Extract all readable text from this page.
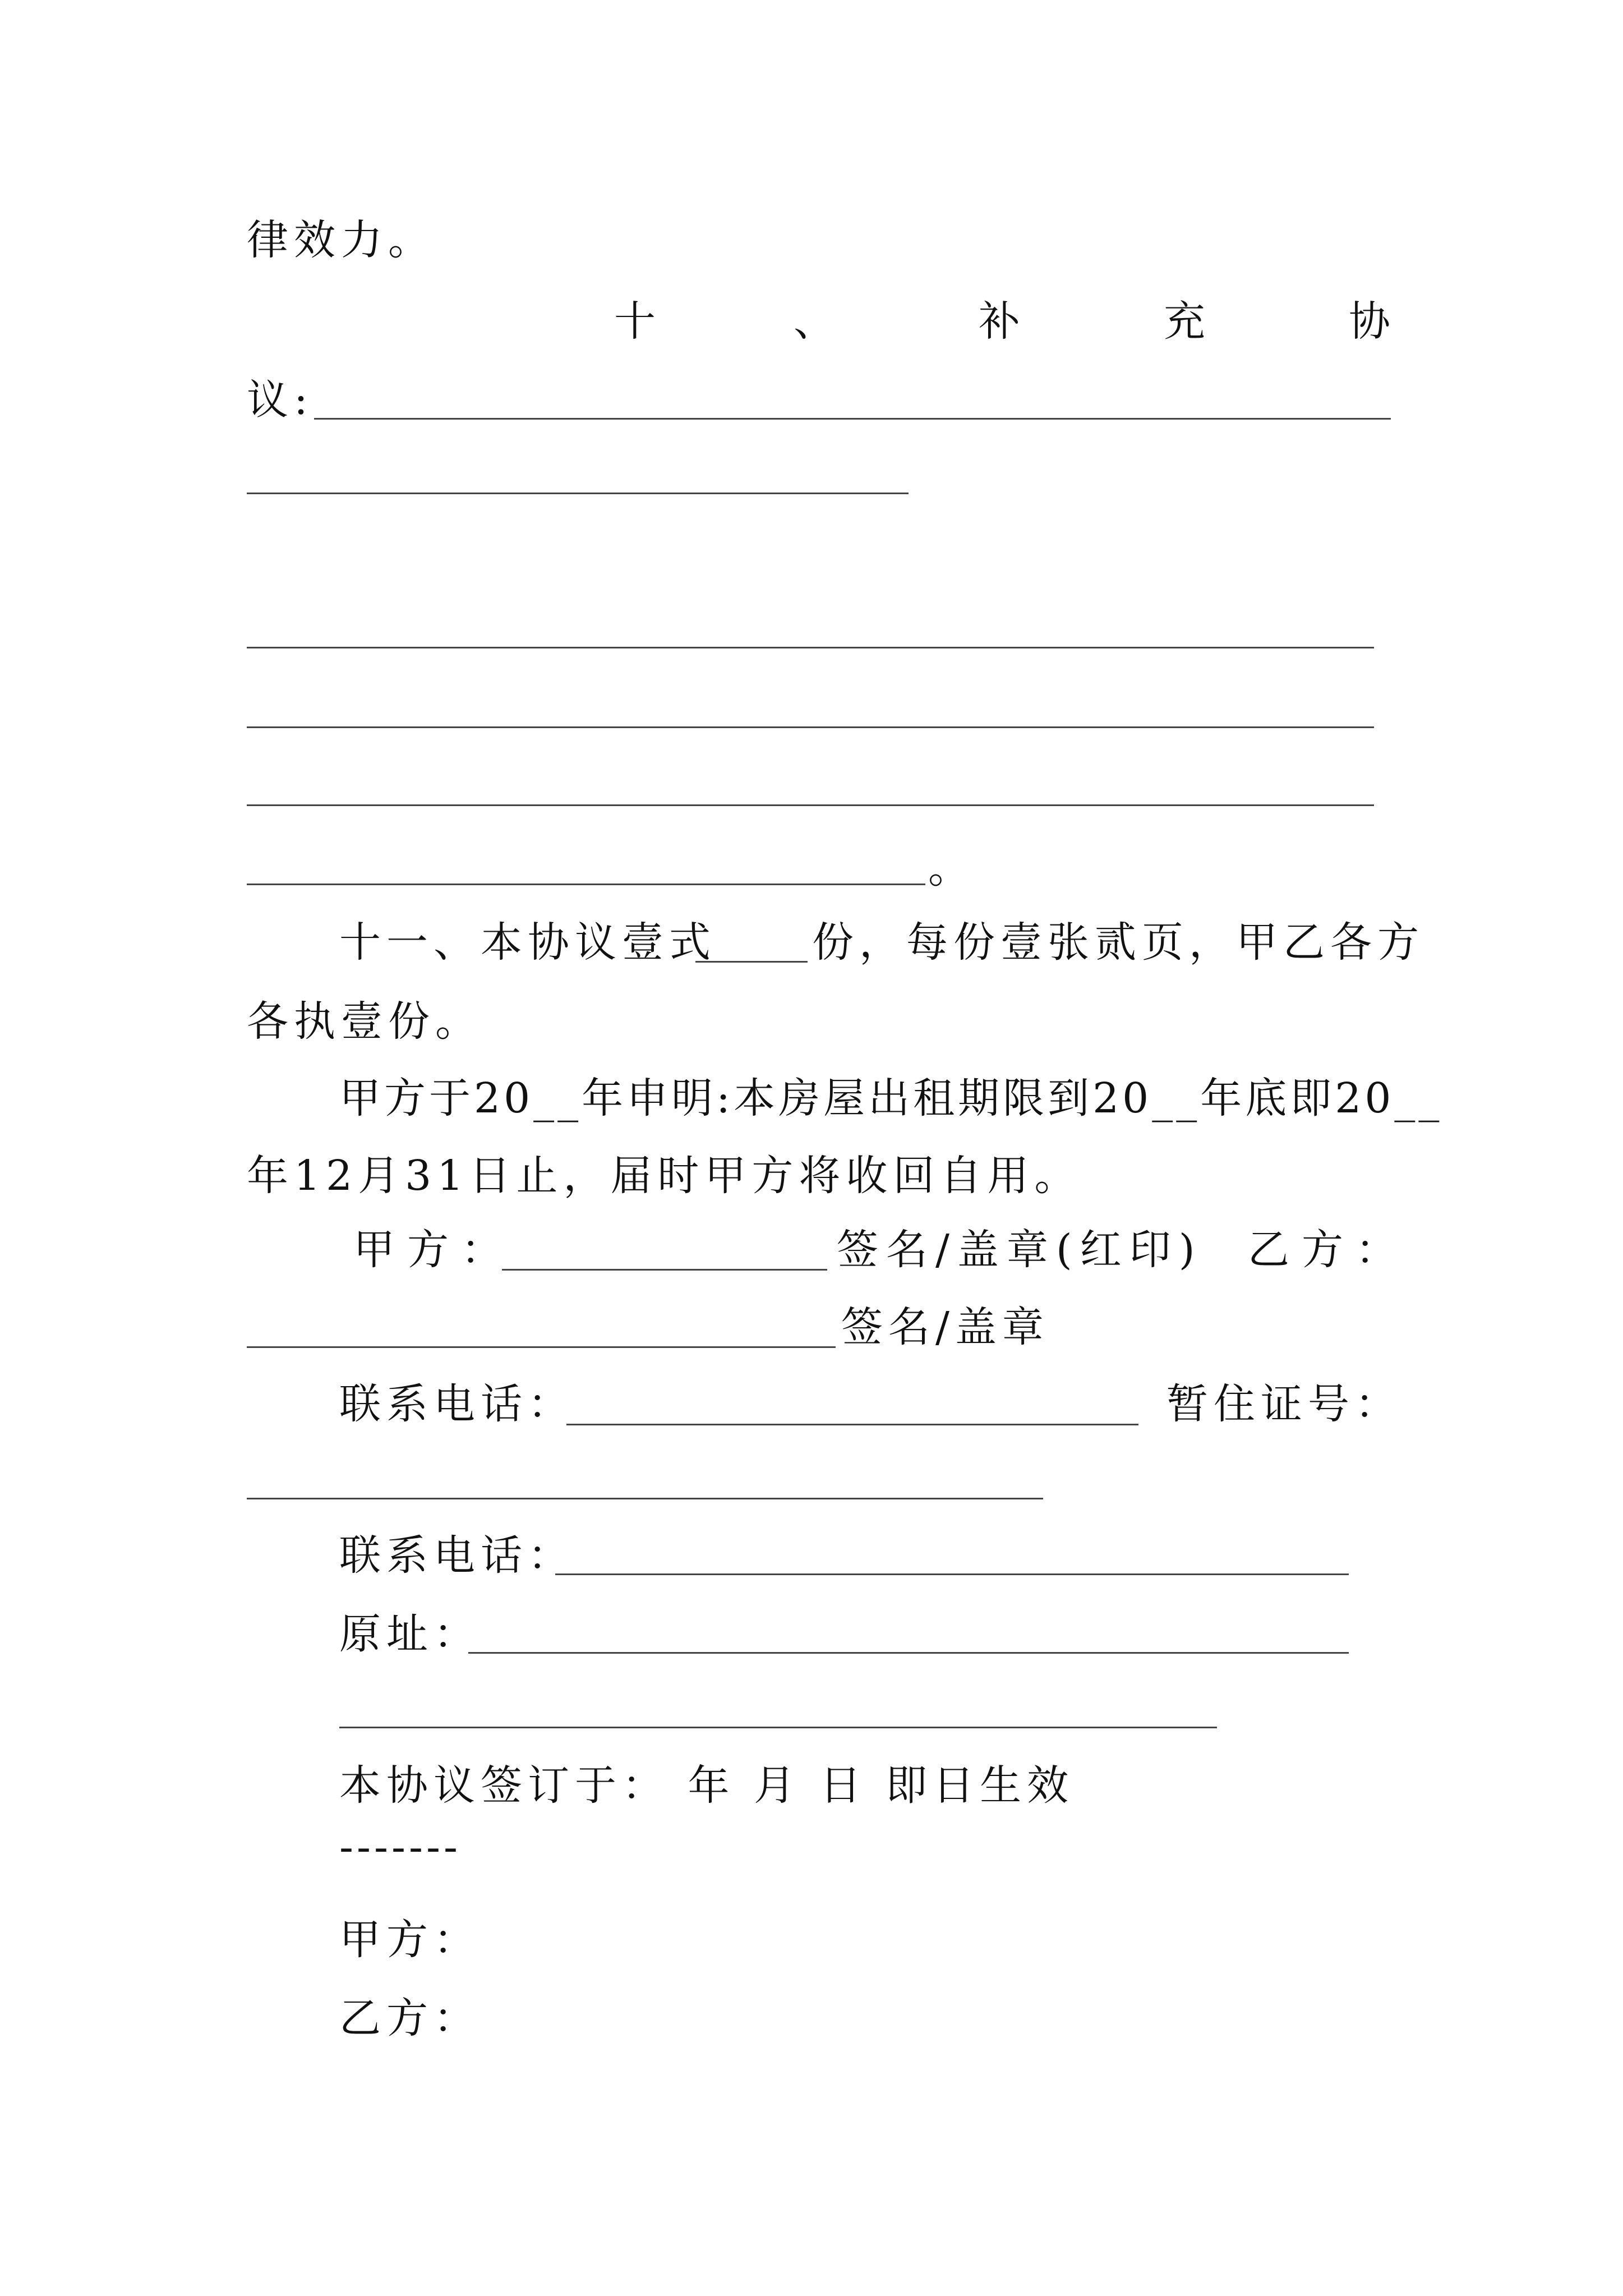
律效力。
十	、	补	充	协
议:
。
十一、本协议壹式 份，每份壹张贰页，甲乙各方
各执壹份。
甲方于20__年申明:本房屋出租期限到20__年底即20__
年12月31日止，届时甲方将收回自用。
甲方：	签名/盖章(红印) 乙方：
签名/盖章
联系电话：	暂住证号：
联系电话：
原址：
本协议签订于： 年 月 日 即日生效
-------
甲方：
乙方：
